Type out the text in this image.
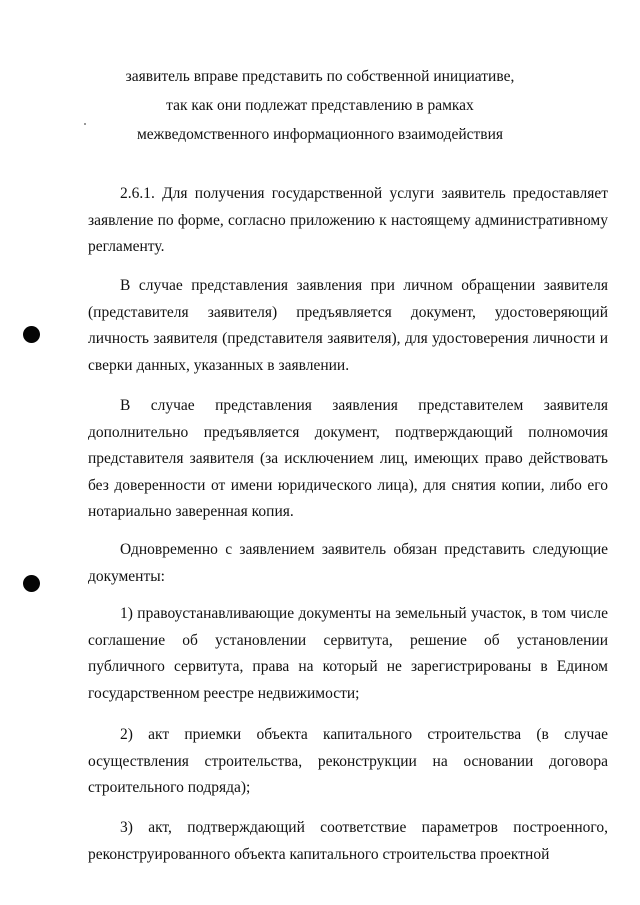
заявитель вправе представить по собственной инициативе,
так как они подлежат представлению в рамках
межведомственного информационного взаимодействия

2.6.1. Для получения государственной услуги заявитель предоставляет заявление по форме, согласно приложению к настоящему административному регламенту.

В случае представления заявления при личном обращении заявителя (представителя заявителя) предъявляется документ, удостоверяющий личность заявителя (представителя заявителя), для удостоверения личности и сверки данных, указанных в заявлении.

В случае представления заявления представителем заявителя дополнительно предъявляется документ, подтверждающий полномочия представителя заявителя (за исключением лиц, имеющих право действовать без доверенности от имени юридического лица), для снятия копии, либо его нотариально заверенная копия.

Одновременно с заявлением заявитель обязан представить следующие документы:

1) правоустанавливающие документы на земельный участок, в том числе соглашение об установлении сервитута, решение об установлении публичного сервитута, права на который не зарегистрированы в Едином государственном реестре недвижимости;

2) акт приемки объекта капитального строительства (в случае осуществления строительства, реконструкции на основании договора строительного подряда);

3) акт, подтверждающий соответствие параметров построенного, реконструированного объекта капитального строительства проектной
